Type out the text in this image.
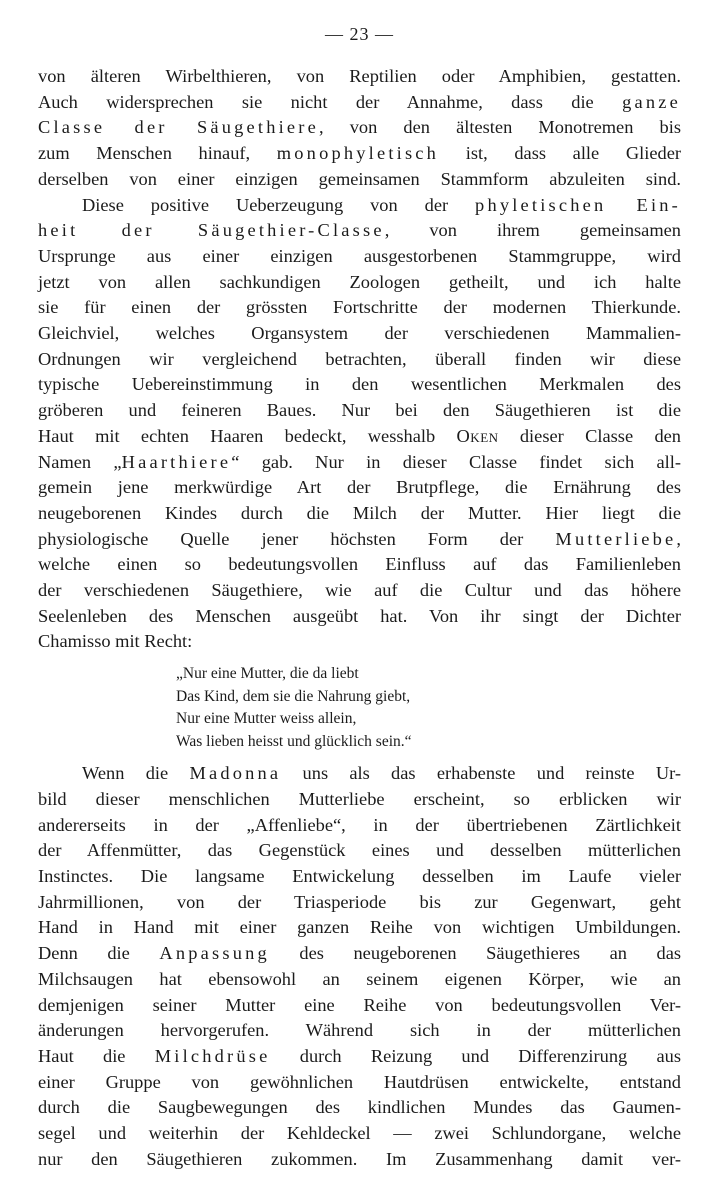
— 23 —
von älteren Wirbelthieren, von Reptilien oder Amphibien, gestatten.
Auch widersprechen sie nicht der Annahme, dass die ganze
Classe der Säugethiere, von den ältesten Monotremen bis
zum Menschen hinauf, monophyletisch ist, dass alle Glieder
derselben von einer einzigen gemeinsamen Stammform abzuleiten sind.
Diese positive Ueberzeugung von der phyletischen Ein-
heit der Säugethier-Classe, von ihrem gemeinsamen
Ursprunge aus einer einzigen ausgestorbenen Stammgruppe, wird
jetzt von allen sachkundigen Zoologen getheilt, und ich halte
sie für einen der grössten Fortschritte der modernen Thierkunde.
Gleichviel, welches Organsystem der verschiedenen Mammalien-
Ordnungen wir vergleichend betrachten, überall finden wir diese
typische Uebereinstimmung in den wesentlichen Merkmalen des
gröberen und feineren Baues. Nur bei den Säugethieren ist die
Haut mit echten Haaren bedeckt, wesshalb Oken dieser Classe den
Namen „Haarthiere“ gab. Nur in dieser Classe findet sich all-
gemein jene merkwürdige Art der Brutpflege, die Ernährung des
neugeborenen Kindes durch die Milch der Mutter. Hier liegt die
physiologische Quelle jener höchsten Form der Mutterliebe,
welche einen so bedeutungsvollen Einfluss auf das Familienleben
der verschiedenen Säugethiere, wie auf die Cultur und das höhere
Seelenleben des Menschen ausgeübt hat. Von ihr singt der Dichter
Chamisso mit Recht:
„Nur eine Mutter, die da liebt
Das Kind, dem sie die Nahrung giebt,
Nur eine Mutter weiss allein,
Was lieben heisst und glücklich sein.“
Wenn die Madonna uns als das erhabenste und reinste Ur-
bild dieser menschlichen Mutterliebe erscheint, so erblicken wir
andererseits in der „Affenliebe“, in der übertriebenen Zärtlichkeit
der Affenmütter, das Gegenstück eines und desselben mütterlichen
Instinctes. Die langsame Entwickelung desselben im Laufe vieler
Jahrmillionen, von der Triasperiode bis zur Gegenwart, geht
Hand in Hand mit einer ganzen Reihe von wichtigen Umbildungen.
Denn die Anpassung des neugeborenen Säugethieres an das
Milchsaugen hat ebensowohl an seinem eigenen Körper, wie an
demjenigen seiner Mutter eine Reihe von bedeutungsvollen Ver-
änderungen hervorgerufen. Während sich in der mütterlichen
Haut die Milchdrüse durch Reizung und Differenzirung aus
einer Gruppe von gewöhnlichen Hautdrüsen entwickelte, entstand
durch die Saugbewegungen des kindlichen Mundes das Gaumen-
segel und weiterhin der Kehldeckel — zwei Schlundorgane, welche
nur den Säugethieren zukommen. Im Zusammenhang damit ver-
